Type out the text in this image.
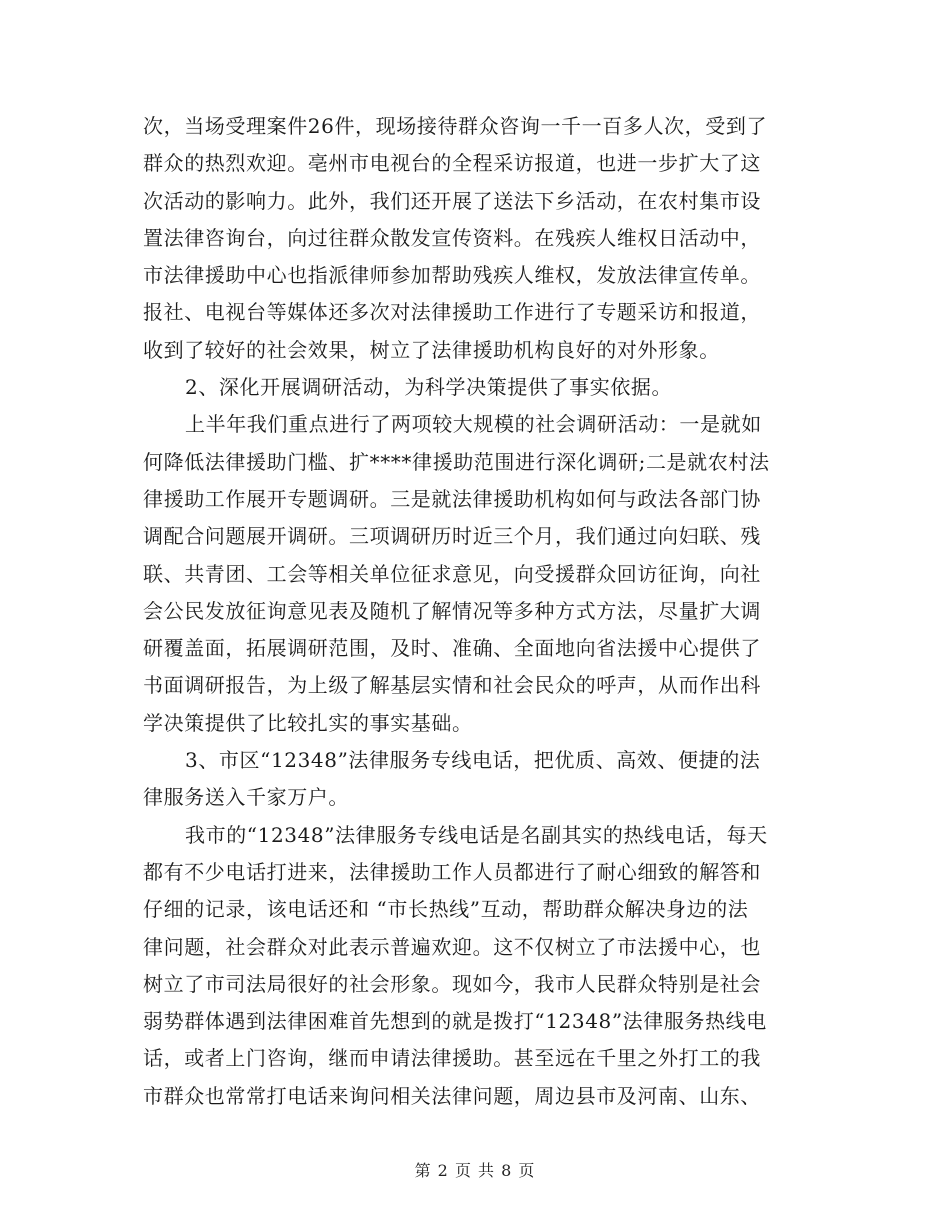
次，当场受理案件26件，现场接待群众咨询一千一百多人次，受到了
群众的热烈欢迎。亳州市电视台的全程采访报道，也进一步扩大了这
次活动的影响力。此外，我们还开展了送法下乡活动，在农村集市设
置法律咨询台，向过往群众散发宣传资料。在残疾人维权日活动中，
市法律援助中心也指派律师参加帮助残疾人维权，发放法律宣传单。
报社、电视台等媒体还多次对法律援助工作进行了专题采访和报道，
收到了较好的社会效果，树立了法律援助机构良好的对外形象。
2、深化开展调研活动，为科学决策提供了事实依据。
上半年我们重点进行了两项较大规模的社会调研活动：一是就如
何降低法律援助门槛、扩****律援助范围进行深化调研;二是就农村法
律援助工作展开专题调研。三是就法律援助机构如何与政法各部门协
调配合问题展开调研。三项调研历时近三个月，我们通过向妇联、残
联、共青团、工会等相关单位征求意见，向受援群众回访征询，向社
会公民发放征询意见表及随机了解情况等多种方式方法，尽量扩大调
研覆盖面，拓展调研范围，及时、准确、全面地向省法援中心提供了
书面调研报告，为上级了解基层实情和社会民众的呼声，从而作出科
学决策提供了比较扎实的事实基础。
3、市区“12348”法律服务专线电话，把优质、高效、便捷的法
律服务送入千家万户。
我市的“12348”法律服务专线电话是名副其实的热线电话，每天
都有不少电话打进来，法律援助工作人员都进行了耐心细致的解答和
仔细的记录，该电话还和 “市长热线”互动，帮助群众解决身边的法
律问题，社会群众对此表示普遍欢迎。这不仅树立了市法援中心，也
树立了市司法局很好的社会形象。现如今，我市人民群众特别是社会
弱势群体遇到法律困难首先想到的就是拨打“12348”法律服务热线电
话，或者上门咨询，继而申请法律援助。甚至远在千里之外打工的我
市群众也常常打电话来询问相关法律问题，周边县市及河南、山东、
第 2 页 共 8 页
